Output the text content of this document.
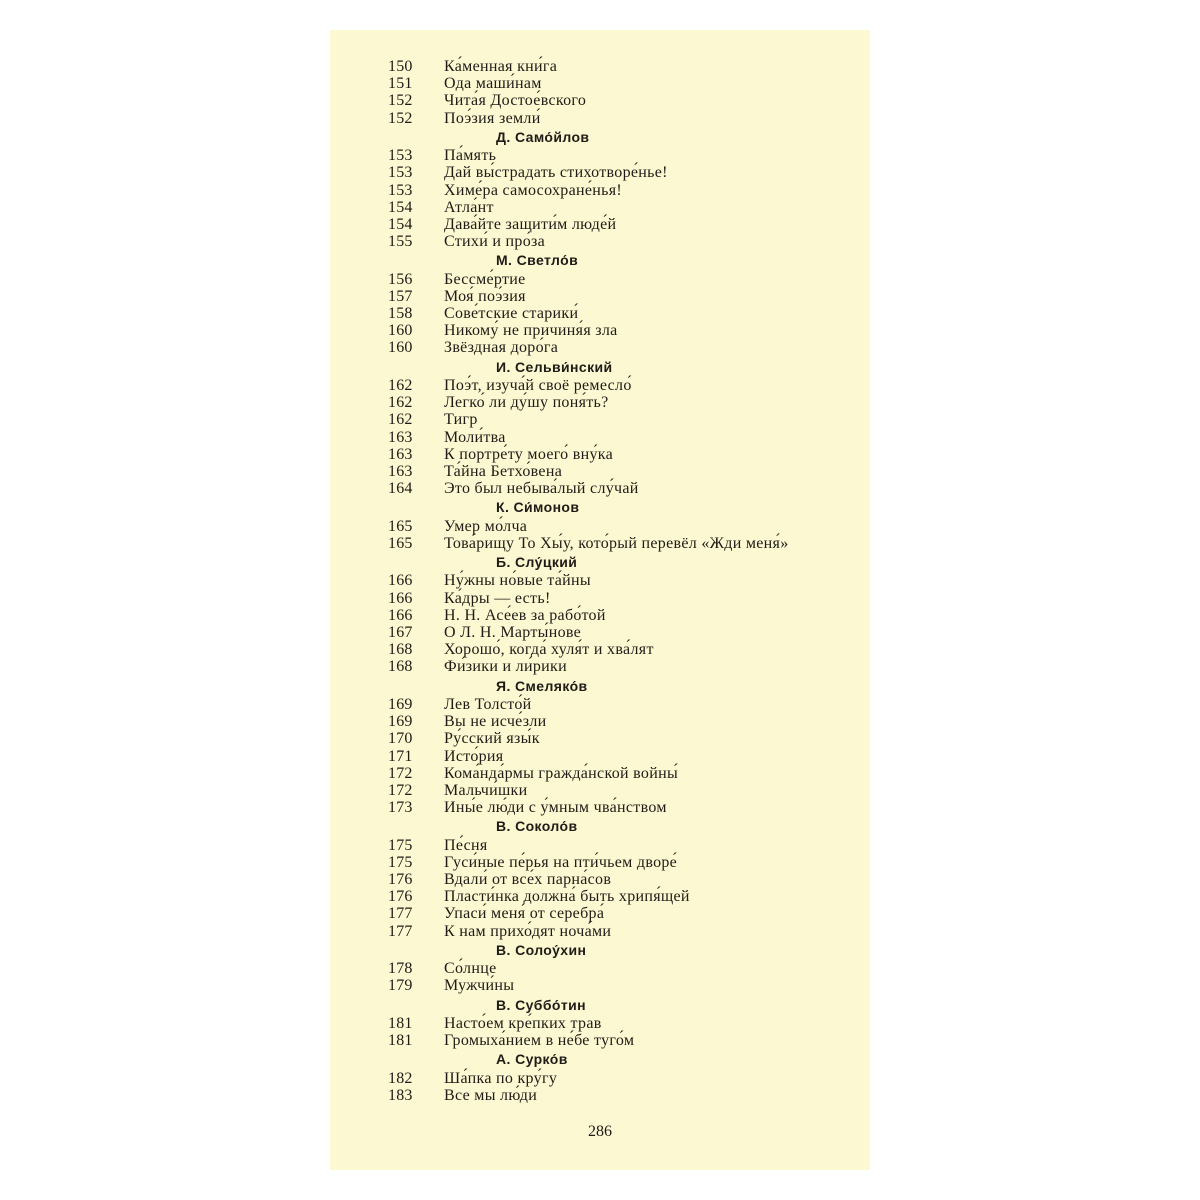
150	Ка́менная кни́га
151	Ода маши́нам
152	Чита́я Достое́вского
152	Поэ́зия земли́
Д. Само́йлов
153	Па́мять
153	Дай вы́страдать стихотворе́нье!
153	Химе́ра самосохране́нья!
154	Атла́нт
154	Дава́йте защити́м люде́й
155	Стихи́ и про́за
М. Светло́в
156	Бессме́ртие
157	Моя́ поэ́зия
158	Сове́тские старики́
160	Никому́ не причиня́я зла
160	Звёздная доро́га
И. Сельви́нский
162	Поэ́т, изуча́й своё ремесло́
162	Легко́ ли ду́шу поня́ть?
162	Тигр
163	Моли́тва
163	К портре́ту моего́ вну́ка
163	Та́йна Бетхо́вена
164	Это был небыва́лый слу́чай
К. Си́монов
165	Умер мо́лча
165	Това́рищу То Хы́у, кото́рый перевёл «Жди меня́»
Б. Слу́цкий
166	Ну́жны но́вые та́йны
166	Ка́дры — есть!
166	Н. Н. Асе́ев за рабо́той
167	О Л. Н. Марты́нове
168	Хорошо́, когда́ хуля́т и хва́лят
168	Фи́зики и ли́рики
Я. Смеляко́в
169	Лев Толсто́й
169	Вы не исче́зли
170	Ру́сский язы́к
171	Исто́рия
172	Кома́нда́рмы гражда́нской войны́
172	Мальчи́шки
173	Ины́е лю́ди с у́мным чва́нством
В. Соколо́в
175	Пе́сня
175	Гуси́ные пе́рья на пти́чьем дворе́
176	Вдали́ от все́х парна́сов
176	Пласти́нка должна́ быть хрипя́щей
177	Упаси́ меня́ от серебра́
177	К нам прихо́дят ноча́ми
В. Солоу́хин
178	Со́лнце
179	Мужчи́ны
В. Суббо́тин
181	Насто́ем кре́пких трав
181	Громыха́нием в не́бе туго́м
А. Сурко́в
182	Ша́пка по кру́гу
183	Все мы лю́ди
286
